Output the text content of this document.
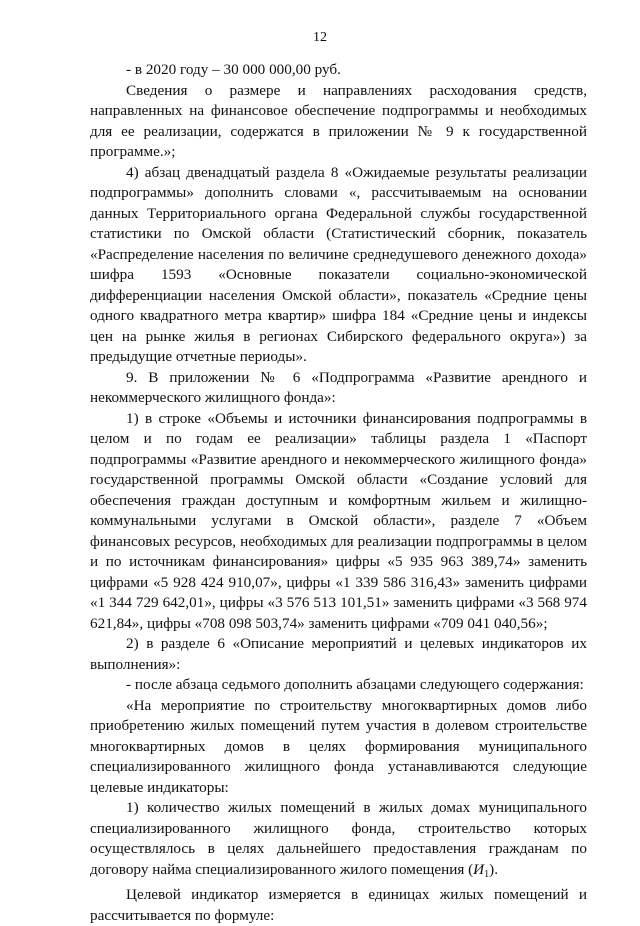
12

- в 2020 году – 30 000 000,00 руб.

Сведения о размере и направлениях расходования средств, направленных на финансовое обеспечение подпрограммы и необходимых для ее реализации, содержатся в приложении № 9 к государственной программе.»;

4) абзац двенадцатый раздела 8 «Ожидаемые результаты реализации подпрограммы» дополнить словами «, рассчитываемым на основании данных Территориального органа Федеральной службы государственной статистики по Омской области (Статистический сборник, показатель «Распределение населения по величине среднедушевого денежного дохода» шифра 1593 «Основные показатели социально-экономической дифференциации населения Омской области», показатель «Средние цены одного квадратного метра квартир» шифра 184 «Средние цены и индексы цен на рынке жилья в регионах Сибирского федерального округа») за предыдущие отчетные периоды».

9. В приложении № 6 «Подпрограмма «Развитие арендного и некоммерческого жилищного фонда»:

1) в строке «Объемы и источники финансирования подпрограммы в целом и по годам ее реализации» таблицы раздела 1 «Паспорт подпрограммы «Развитие арендного и некоммерческого жилищного фонда» государственной программы Омской области «Создание условий для обеспечения граждан доступным и комфортным жильем и жилищно-коммунальными услугами в Омской области», разделе 7 «Объем финансовых ресурсов, необходимых для реализации подпрограммы в целом и по источникам финансирования» цифры «5 935 963 389,74» заменить цифрами «5 928 424 910,07», цифры «1 339 586 316,43» заменить цифрами «1 344 729 642,01», цифры «3 576 513 101,51» заменить цифрами «3 568 974 621,84», цифры «708 098 503,74» заменить цифрами «709 041 040,56»;

2) в разделе 6 «Описание мероприятий и целевых индикаторов их выполнения»:

- после абзаца седьмого дополнить абзацами следующего содержания:

«На мероприятие по строительству многоквартирных домов либо приобретению жилых помещений путем участия в долевом строительстве многоквартирных домов в целях формирования муниципального специализированного жилищного фонда устанавливаются следующие целевые индикаторы:

1) количество жилых помещений в жилых домах муниципального специализированного жилищного фонда, строительство которых осуществлялось в целях дальнейшего предоставления гражданам по договору найма специализированного жилого помещения $(И_1)$.

Целевой индикатор измеряется в единицах жилых помещений и рассчитывается по формуле:
